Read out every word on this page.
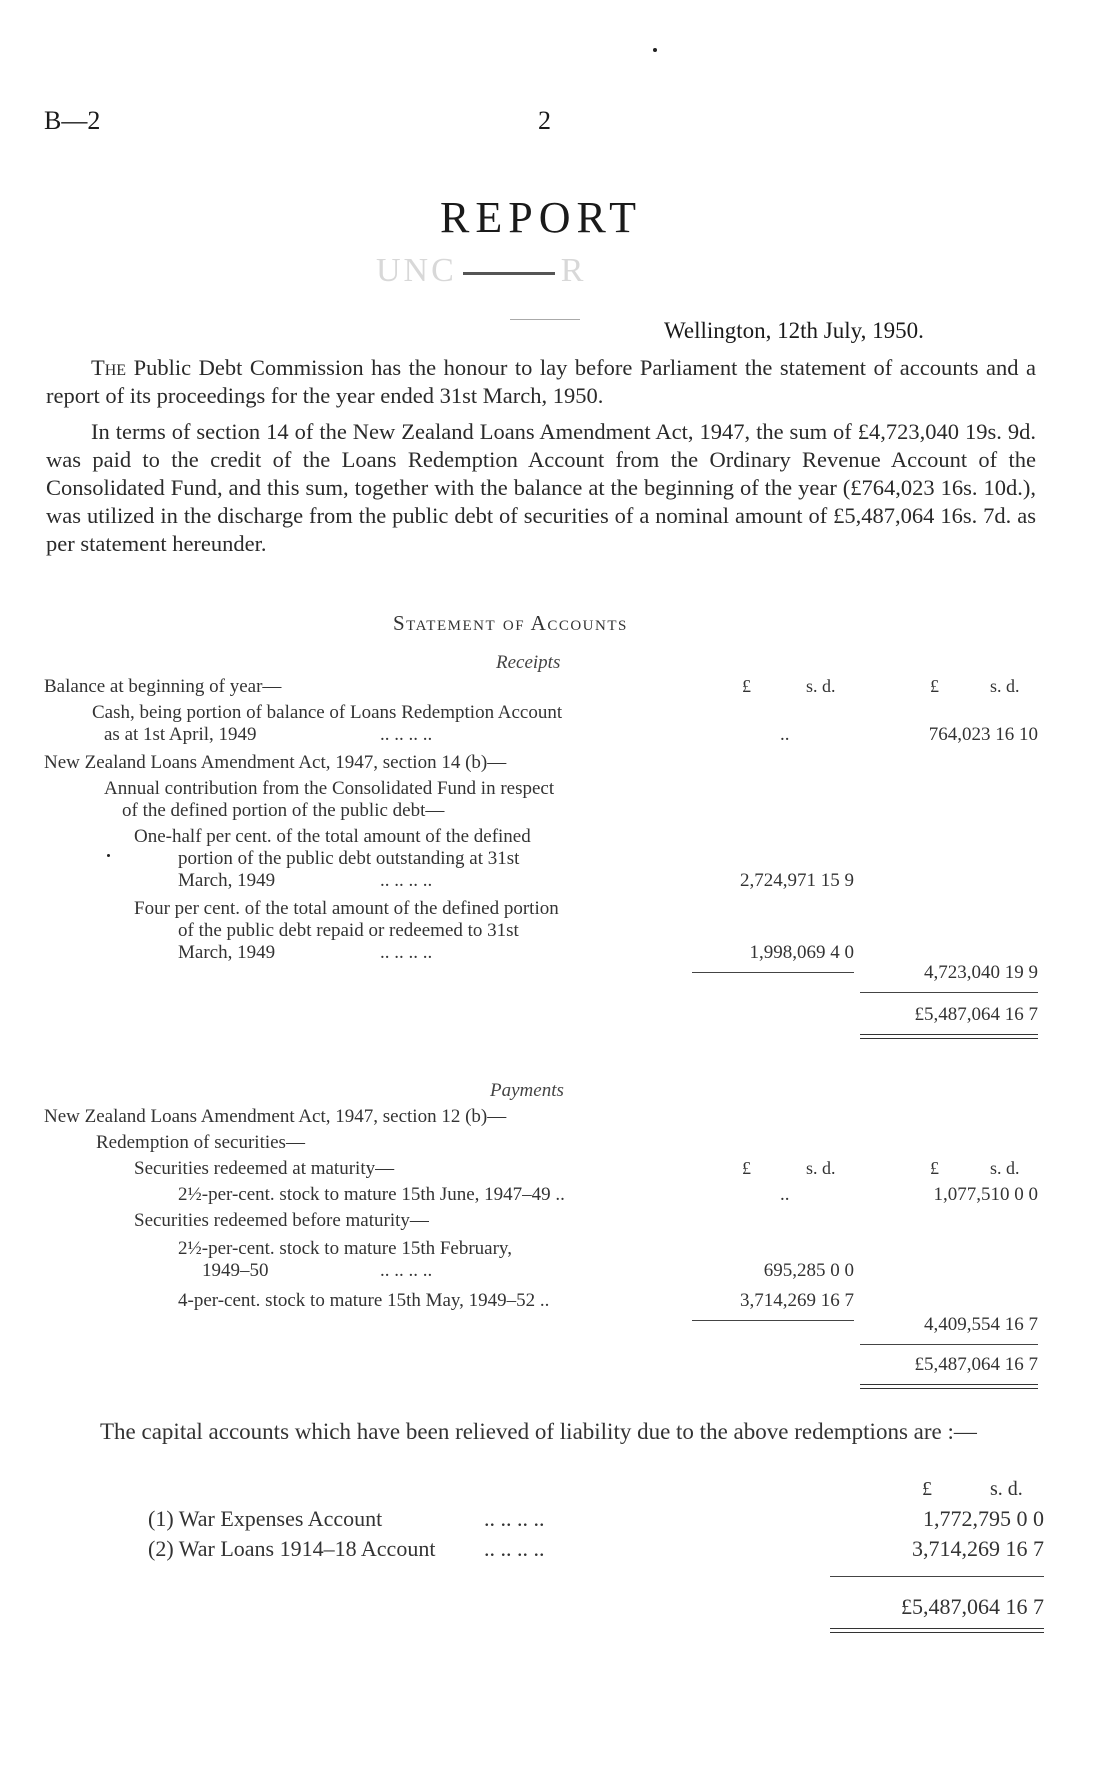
B—2	2
REPORT
UNC	R
Wellington, 12th July, 1950.

The Public Debt Commission has the honour to lay before Parliament the statement of accounts and a report of its proceedings for the year ended 31st March, 1950.

In terms of section 14 of the New Zealand Loans Amendment Act, 1947, the sum of £4,723,040 19s. 9d. was paid to the credit of the Loans Redemption Account from the Ordinary Revenue Account of the Consolidated Fund, and this sum, together with the balance at the beginning of the year (£764,023 16s. 10d.), was utilized in the discharge from the public debt of securities of a nominal amount of £5,487,064 16s. 7d. as per statement hereunder.

Statement of Accounts
Receipts
Balance at beginning of year—	£	s. d.	£	s. d.
Cash, being portion of balance of Loans Redemption Account
as at 1st April, 1949	.. .. .. ..	..	764,023 16 10
New Zealand Loans Amendment Act, 1947, section 14 (b)—
Annual contribution from the Consolidated Fund in respect
of the defined portion of the public debt—
One-half per cent. of the total amount of the defined
portion of the public debt outstanding at 31st
March, 1949	.. .. .. ..	2,724,971 15 9
Four per cent. of the total amount of the defined portion
of the public debt repaid or redeemed to 31st
March, 1949	.. .. .. ..	1,998,069 4 0
4,723,040 19 9
£5,487,064 16 7
Payments
New Zealand Loans Amendment Act, 1947, section 12 (b)—
Redemption of securities—
Securities redeemed at maturity—	£	s. d.	£	s. d.
2½-per-cent. stock to mature 15th June, 1947–49 ..	..	1,077,510 0 0
Securities redeemed before maturity—
2½-per-cent. stock to mature 15th February,
1949–50	.. .. .. ..	695,285 0 0
4-per-cent. stock to mature 15th May, 1949–52 ..	3,714,269 16 7
4,409,554 16 7
£5,487,064 16 7
The capital accounts which have been relieved of liability due to the above redemptions are :—
£	s. d.
(1) War Expenses Account	.. .. .. ..	1,772,795 0 0
(2) War Loans 1914–18 Account .. .. .. ..	3,714,269 16 7
£5,487,064 16 7
